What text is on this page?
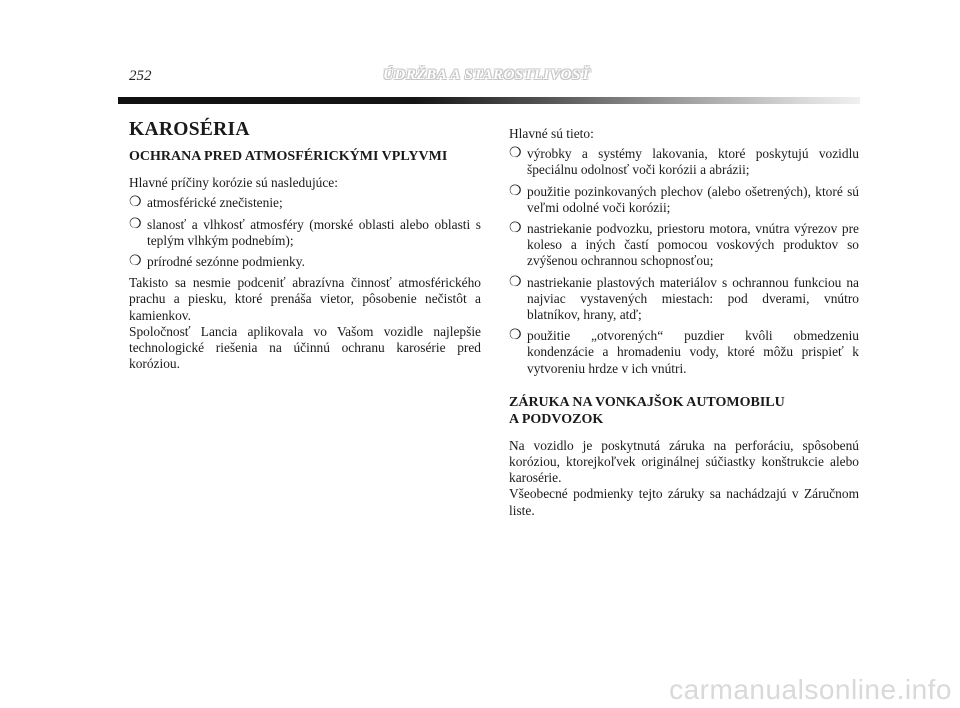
252	ÚDRŽBA A STAROSTLIVOSŤ
KAROSÉRIA
OCHRANA PRED ATMOSFÉRICKÝMI VPLYVMI

Hlavné príčiny korózie sú nasledujúce:

❍ atmosférické znečistenie;
❍ slanosť a vlhkosť atmosféry (morské oblasti alebo oblasti s teplým vlhkým podnebím);
❍ prírodné sezónne podmienky.

Takisto sa nesmie podceniť abrazívna činnosť atmosférického prachu a piesku, ktoré prenáša vietor, pôsobenie nečistôt a kamienkov.

Spoločnosť Lancia aplikovala vo Vašom vozidle najlepšie technologické riešenia na účinnú ochranu karosérie pred koróziou.

Hlavné sú tieto:

❍ výrobky a systémy lakovania, ktoré poskytujú vozidlu špeciálnu odolnosť voči korózii a abrázii;
❍ použitie pozinkovaných plechov (alebo ošetrených), ktoré sú veľmi odolné voči korózii;
❍ nastriekanie podvozku, priestoru motora, vnútra výrezov pre koleso a iných častí pomocou voskových produktov so zvýšenou ochrannou schopnosťou;
❍ nastriekanie plastových materiálov s ochrannou funkciou na najviac vystavených miestach: pod dverami, vnútro blatníkov, hrany, atď;
❍ použitie „otvorených“ puzdier kvôli obmedzeniu kondenzácie a hromadeniu vody, ktoré môžu prispieť k vytvoreniu hrdze v ich vnútri.
ZÁRUKA NA VONKAJŠOK AUTOMOBILU
A PODVOZOK

Na vozidlo je poskytnutá záruka na perforáciu, spôsobenú koróziou, ktorejkoľvek originálnej súčiastky konštrukcie alebo karosérie.

Všeobecné podmienky tejto záruky sa nachádzajú v Záručnom liste.

carmanualsonline.info
